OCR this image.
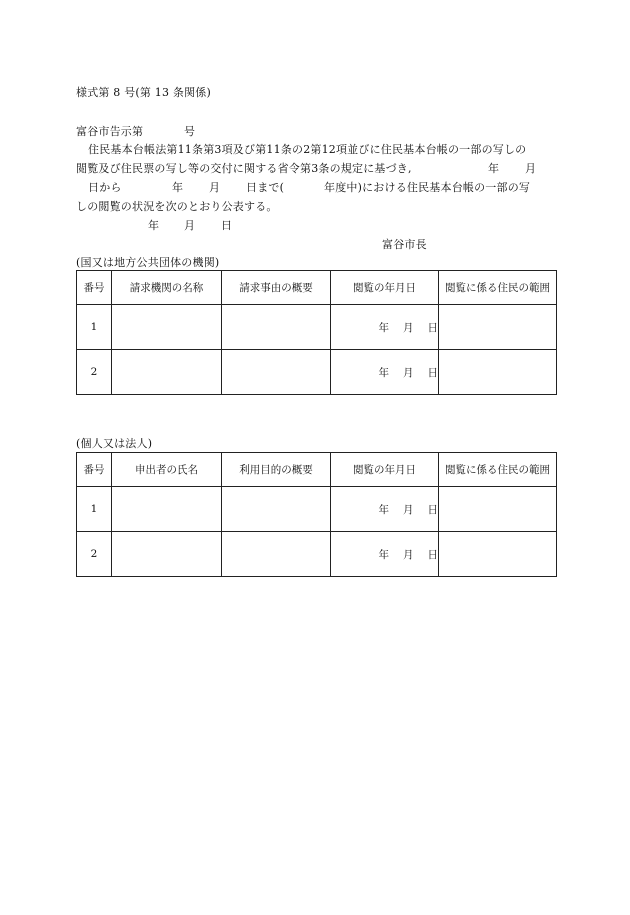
様式第 8 号(第 13 条関係)
富谷市告示第	号
住民基本台帳法第11条第3項及び第11条の2第12項並びに住民基本台帳の一部の写しの
閲覧及び住民票の写し等の交付に関する省令第3条の規定に基づき,	年 月
日から	年 月 日まで(	年度中)における住民基本台帳の一部の写
しの閲覧の状況を次のとおり公表する。
年 月 日
富谷市長
(国又は地方公共団体の機関)
番号	請求機関の名称	請求事由の概要	閲覧の年月日	閲覧に係る住民の範囲
1			年 月 日	
2			年 月 日	
(個人又は法人)
番号	申出者の氏名	利用目的の概要	閲覧の年月日	閲覧に係る住民の範囲
1			年 月 日	
2			年 月 日	
